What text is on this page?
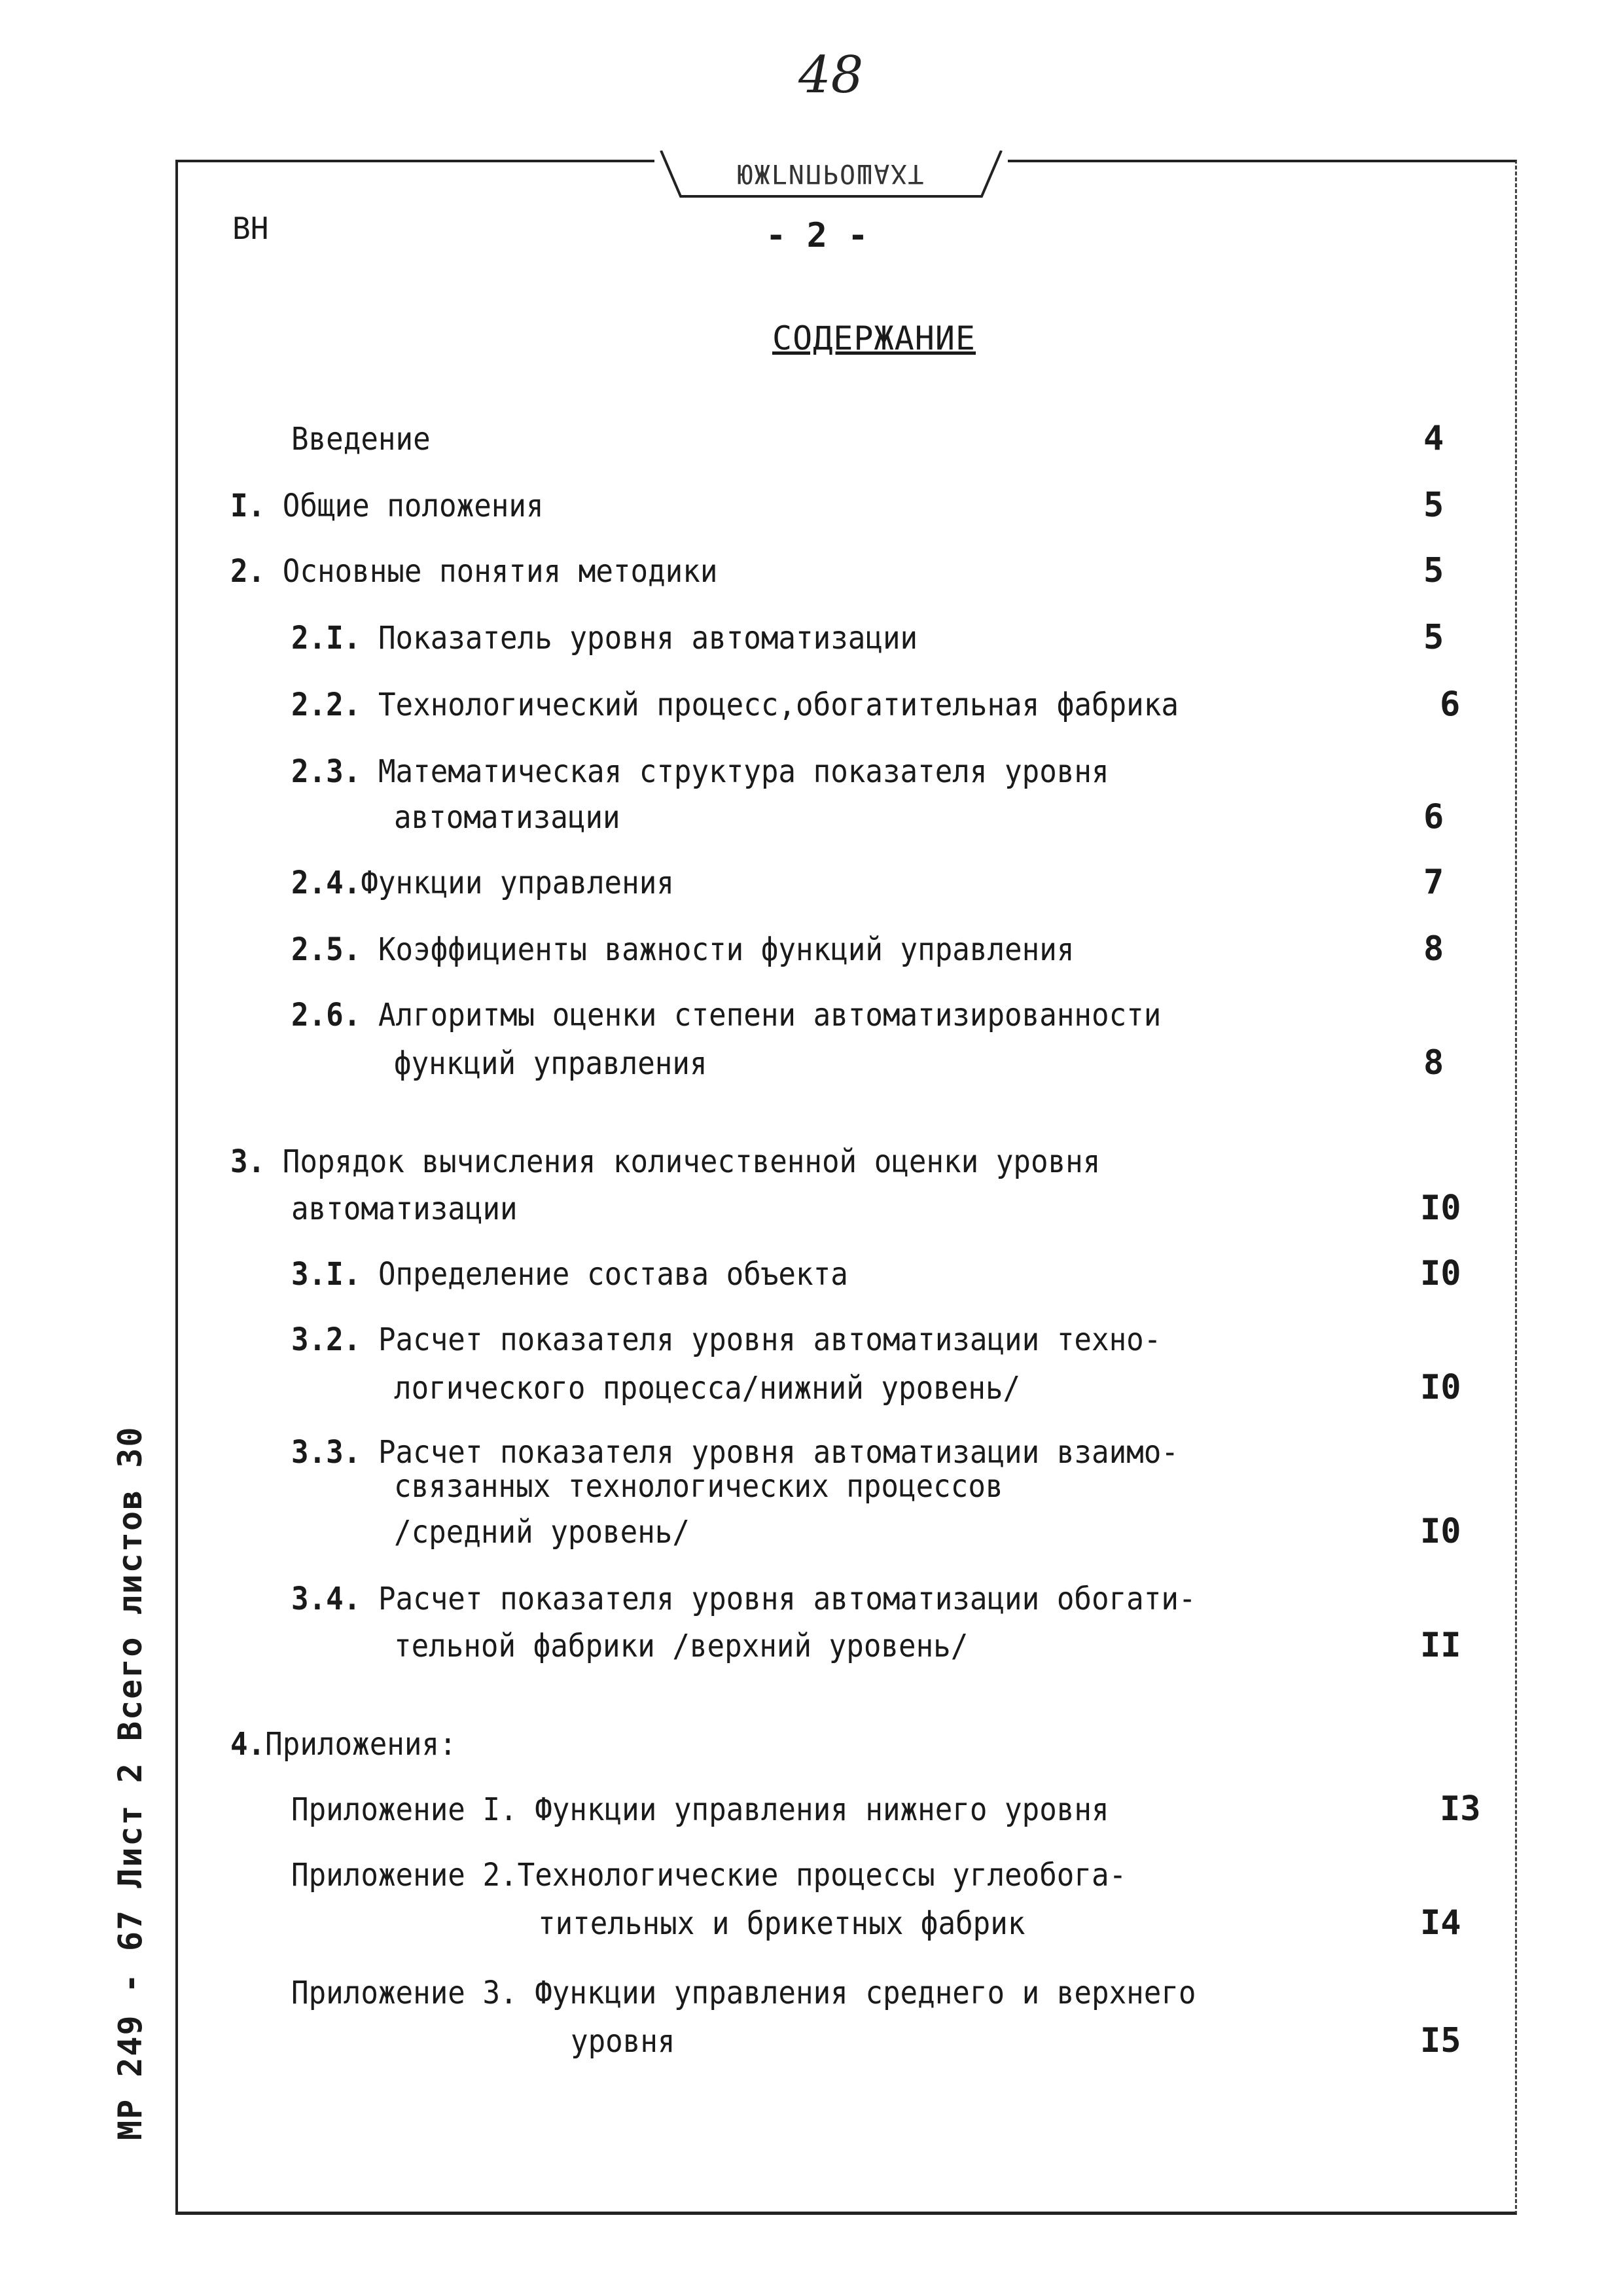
48
ЮЖГИПРОШАХТ
ВН	- 2 -
СОДЕРЖАНИЕ
Введение	4
I. Общие положения	5
2. Основные понятия методики	5
2.I. Показатель уровня автоматизации	5
2.2. Технологический процесс,обогатительная фабрика	6
2.3. Математическая структура показателя уровня
автоматизации	6
2.4.Функции управления	7
2.5. Коэффициенты важности функций управления	8
2.6. Алгоритмы оценки степени автоматизированности
функций управления	8
3. Порядок вычисления количественной оценки уровня
автоматизации	I0
3.I. Определение состава объекта	I0
3.2. Расчет показателя уровня автоматизации техно-
логического процесса/нижний уровень/	I0
3.3. Расчет показателя уровня автоматизации взаимо-
связанных технологических процессов
/средний уровень/	I0
3.4. Расчет показателя уровня автоматизации обогати-
тельной фабрики /верхний уровень/	II
4.Приложения:
Приложение I. Функции управления нижнего уровня	I3
Приложение 2.Технологические процессы углеобога-
тительных и брикетных фабрик	I4
Приложение 3. Функции управления среднего и верхнего
уровня	I5
МР 249 - 67 Лист 2 Всего листов 30
